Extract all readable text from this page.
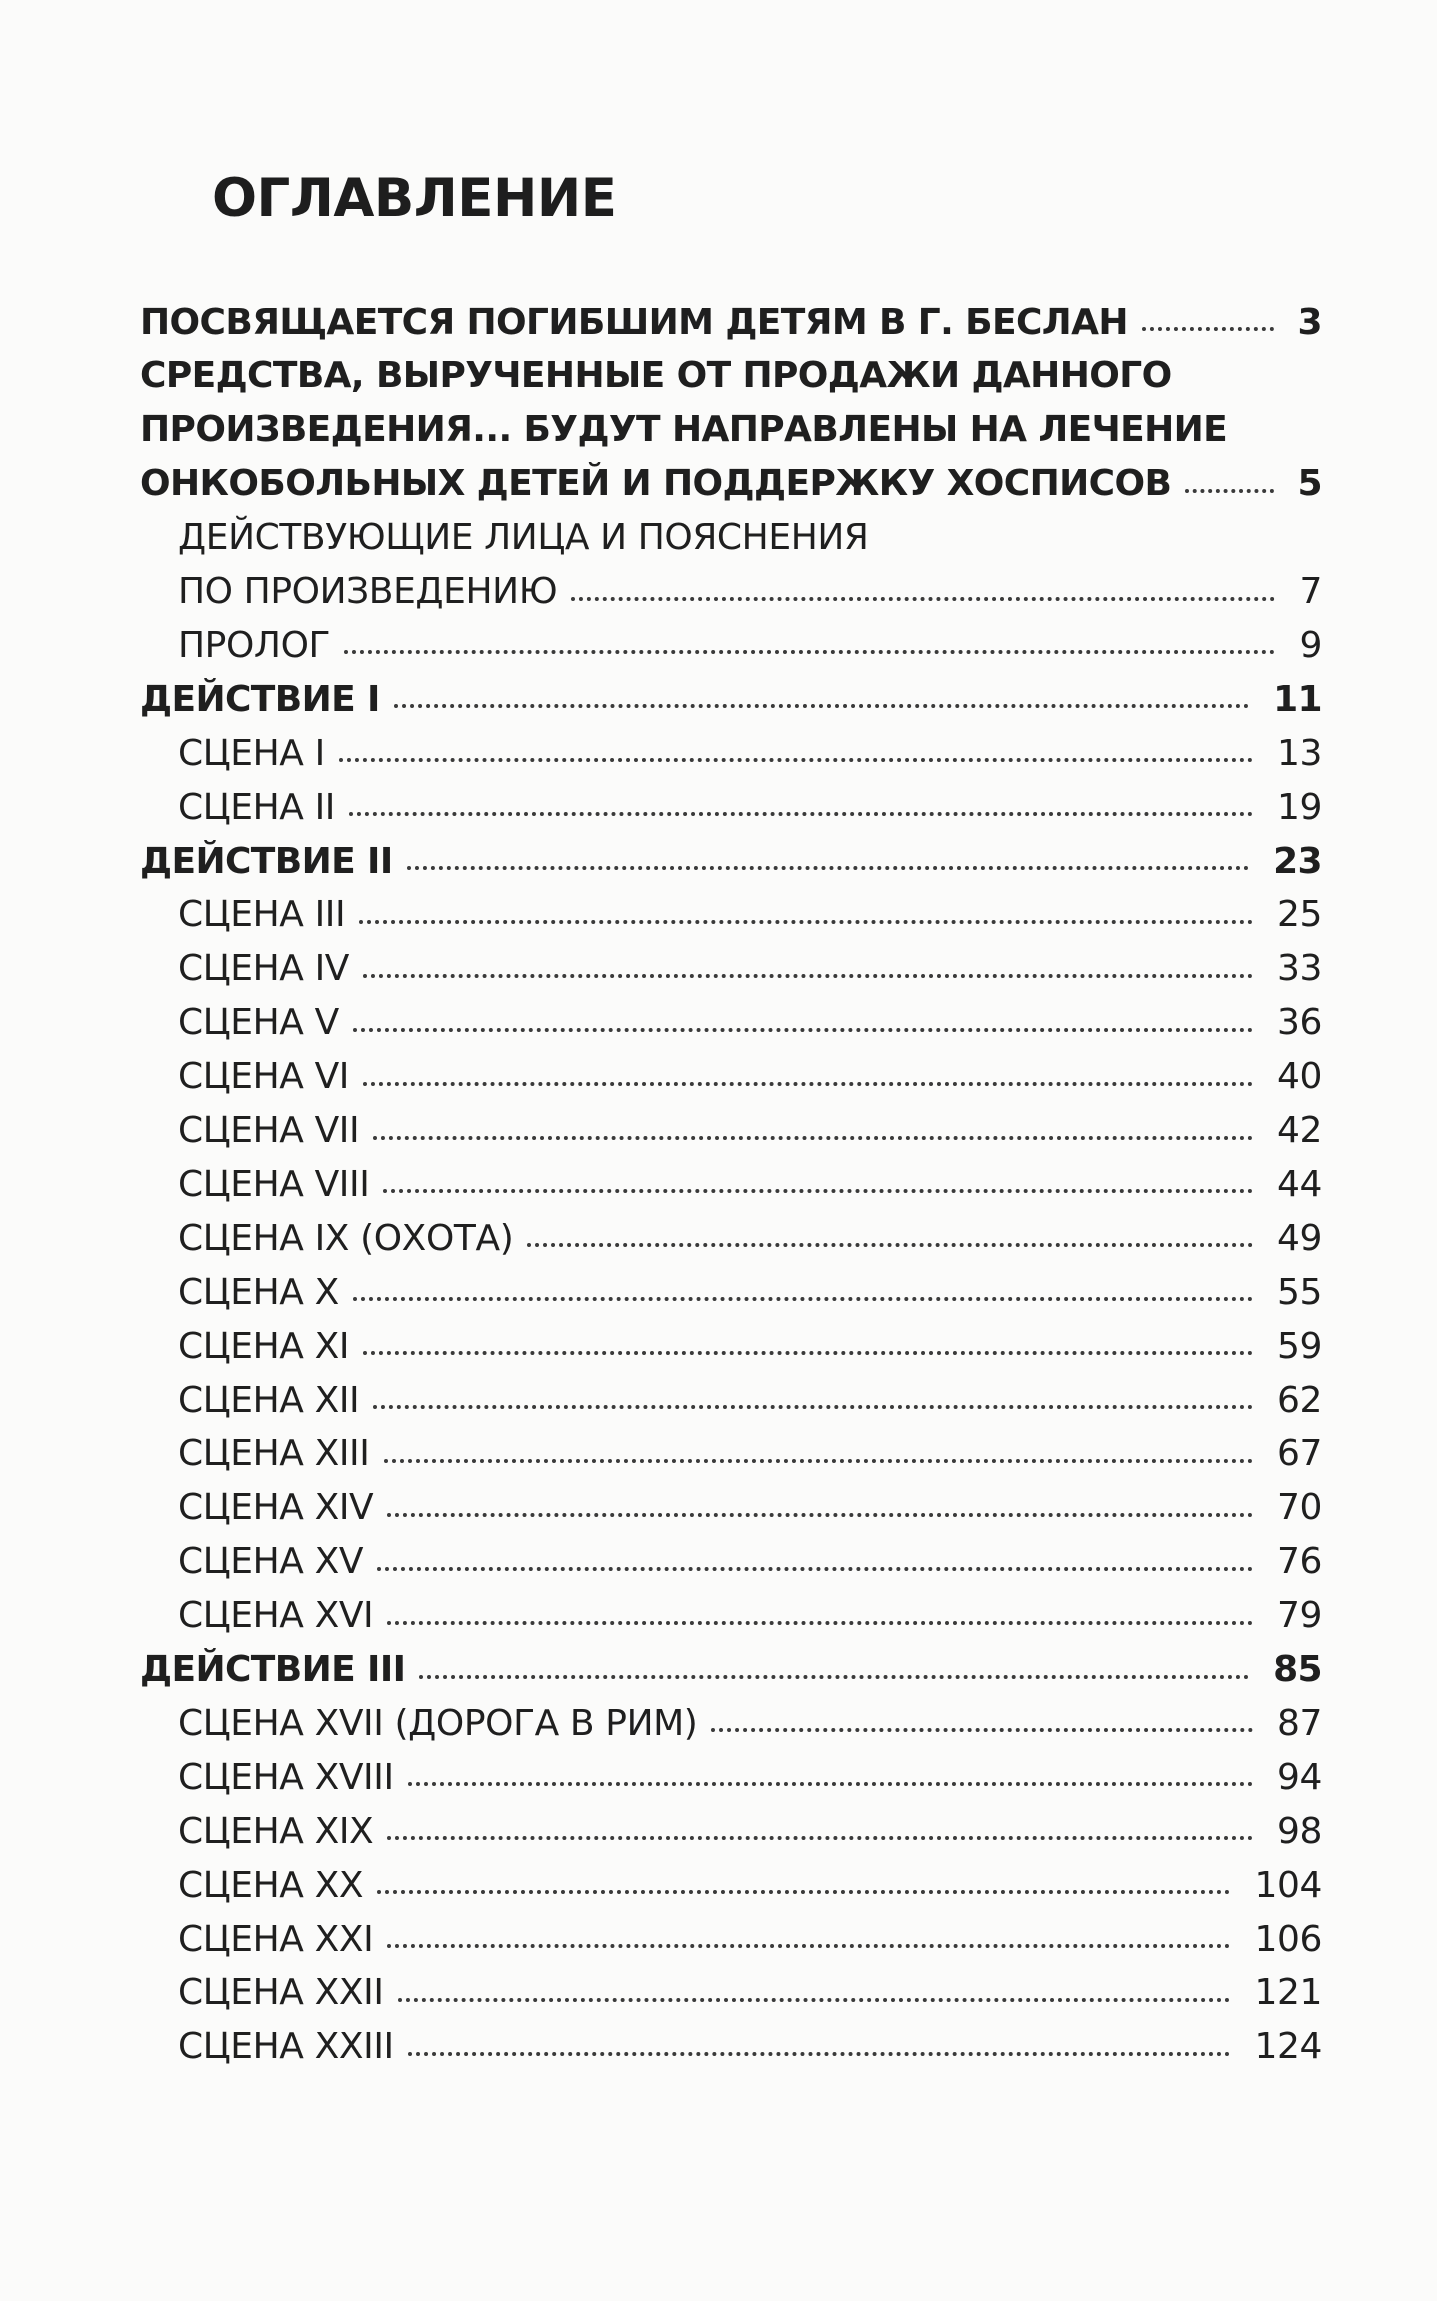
ОГЛАВЛЕНИЕ
ПОСВЯЩАЕТСЯ ПОГИБШИМ ДЕТЯМ В Г. БЕСЛАН	3
СРЕДСТВА, ВЫРУЧЕННЫЕ ОТ ПРОДАЖИ ДАННОГО
ПРОИЗВЕДЕНИЯ... БУДУТ НАПРАВЛЕНЫ НА ЛЕЧЕНИЕ
ОНКОБОЛЬНЫХ ДЕТЕЙ И ПОДДЕРЖКУ ХОСПИСОВ	5
ДЕЙСТВУЮЩИЕ ЛИЦА И ПОЯСНЕНИЯ
ПО ПРОИЗВЕДЕНИЮ	7
ПРОЛОГ	9
ДЕЙСТВИЕ I	11
СЦЕНА I	13
СЦЕНА II	19
ДЕЙСТВИЕ II	23
СЦЕНА III	25
СЦЕНА IV	33
СЦЕНА V	36
СЦЕНА VI	40
СЦЕНА VII	42
СЦЕНА VIII	44
СЦЕНА IX (ОХОТА)	49
СЦЕНА X	55
СЦЕНА XI	59
СЦЕНА XII	62
СЦЕНА XIII	67
СЦЕНА XIV	70
СЦЕНА XV	76
СЦЕНА XVI	79
ДЕЙСТВИЕ III	85
СЦЕНА XVII (ДОРОГА В РИМ)	87
СЦЕНА XVIII	94
СЦЕНА XIX	98
СЦЕНА XX	104
СЦЕНА XXI	106
СЦЕНА XXII	121
СЦЕНА XXIII	124
